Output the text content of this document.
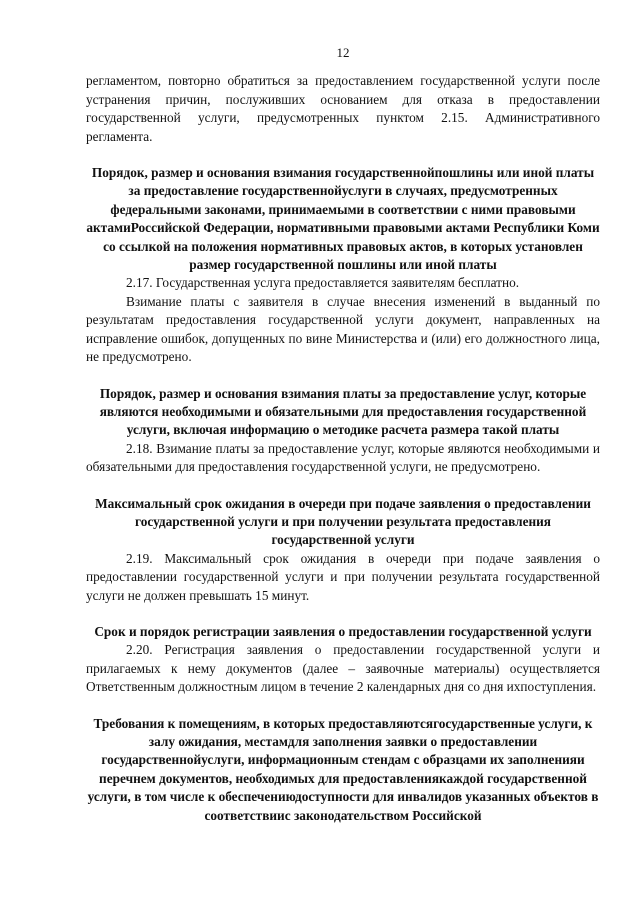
12

регламентом, повторно обратиться за предоставлением государственной услуги после устранения причин, послуживших основанием для отказа в предоставлении государственной услуги, предусмотренных пунктом 2.15. Административного регламента.

Порядок, размер и основания взимания государственнойпошлины или иной платы за предоставление государственнойуслуги в случаях, предусмотренных федеральными законами, принимаемыми в соответствии с ними правовыми актамиРоссийской Федерации, нормативными правовыми актами Республики Коми со ссылкой на положения нормативных правовых актов, в которых установлен размер государственной пошлины или иной платы

2.17. Государственная услуга предоставляется заявителям бесплатно.

Взимание платы с заявителя в случае внесения изменений в выданный по результатам предоставления государственной услуги документ, направленных на исправление ошибок, допущенных по вине Министерства и (или) его должностного лица, не предусмотрено.

Порядок, размер и основания взимания платы за предоставление услуг, которые являются необходимыми и обязательными для предоставления государственной услуги, включая информацию о методике расчета размера такой платы

2.18. Взимание платы за предоставление услуг, которые являются необходимыми и обязательными для предоставления государственной услуги, не предусмотрено.

Максимальный срок ожидания в очереди при подаче заявления о предоставлении государственной услуги и при получении результата предоставления государственной услуги

2.19. Максимальный срок ожидания в очереди при подаче заявления о предоставлении государственной услуги и при получении результата государственной услуги не должен превышать 15 минут.

Срок и порядок регистрации заявления о предоставлении государственной услуги

2.20. Регистрация заявления о предоставлении государственной услуги и прилагаемых к нему документов (далее – заявочные материалы) осуществляется Ответственным должностным лицом в течение 2 календарных дня со дня ихпоступления.

Требования к помещениям, в которых предоставляютсягосударственные услуги, к залу ожидания, местамдля заполнения заявки о предоставлении государственнойуслуги, информационным стендам с образцами их заполненияи перечнем документов, необходимых для предоставлениякаждой государственной услуги, в том числе к обеспечениюдоступности для инвалидов указанных объектов в соответствиис законодательством Российской
